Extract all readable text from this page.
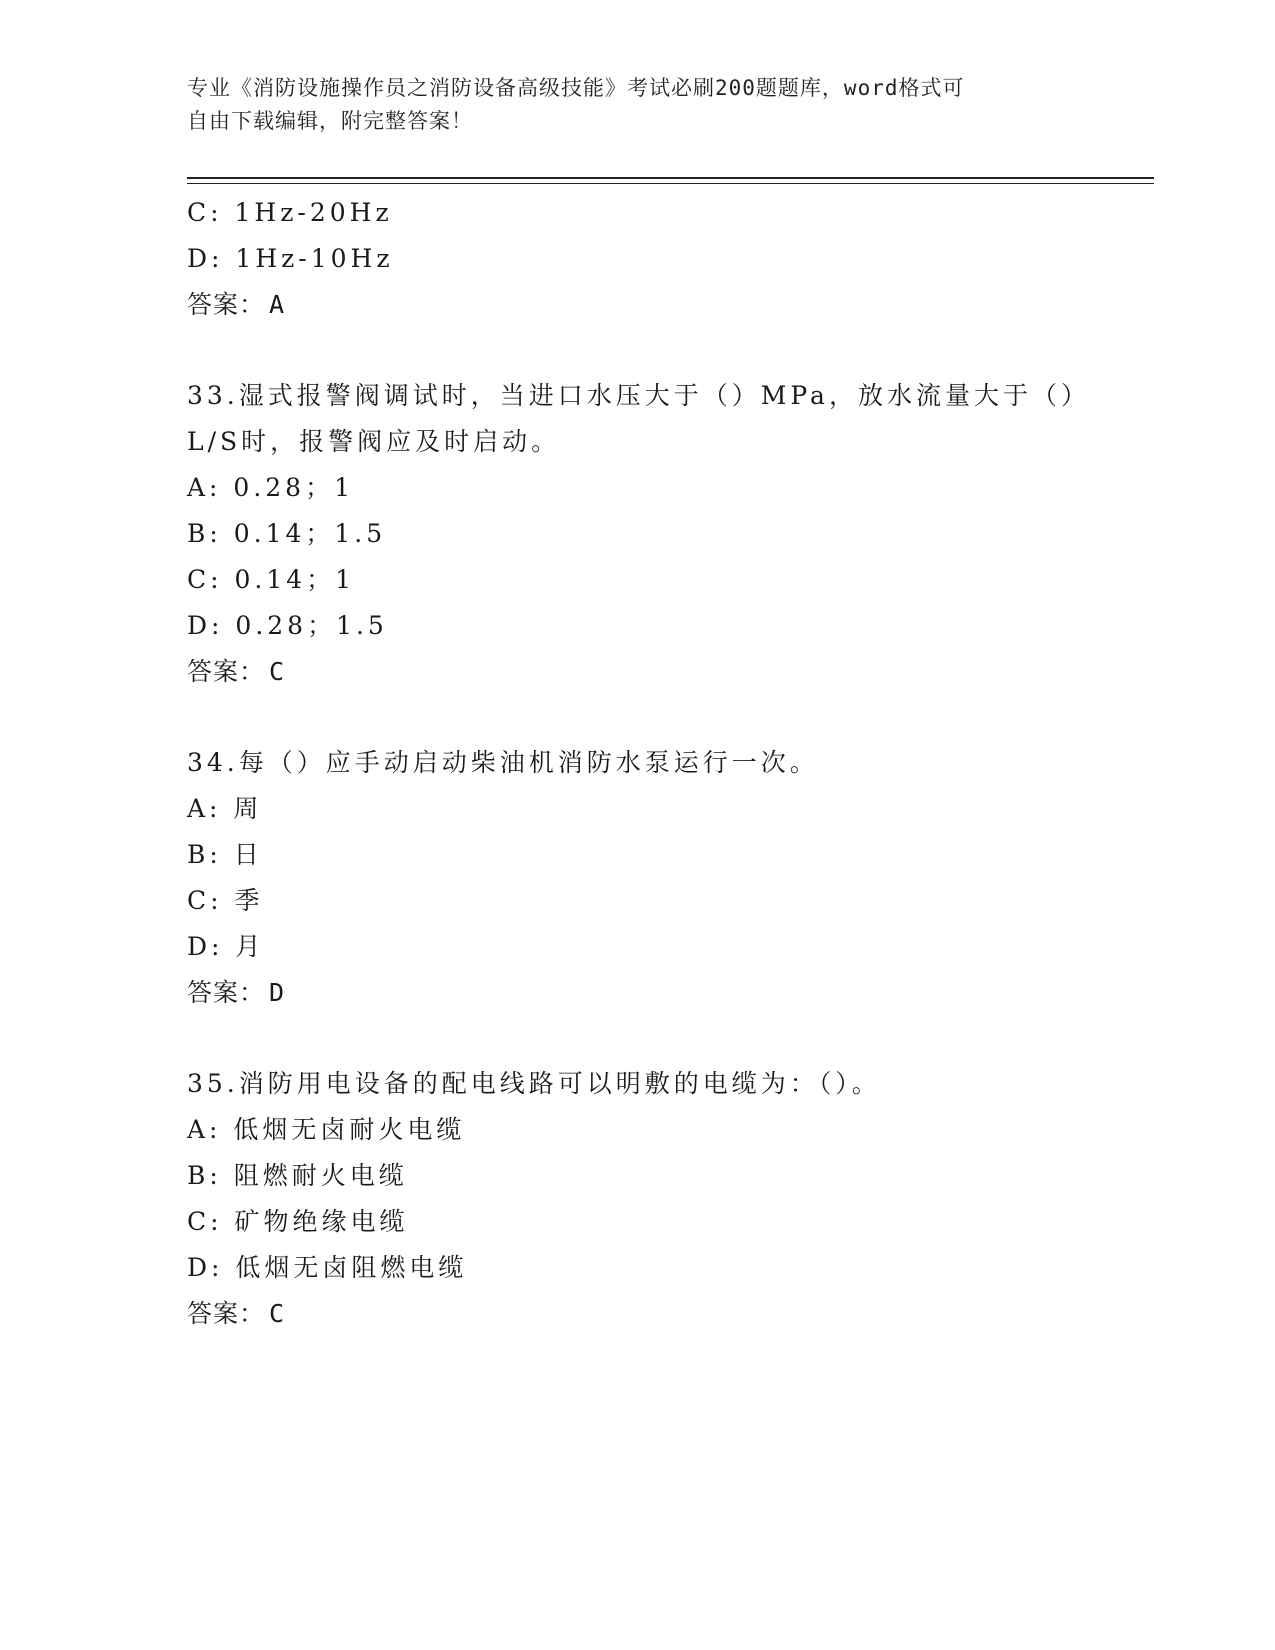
专业《消防设施操作员之消防设备高级技能》考试必刷200题题库，word格式可
自由下载编辑，附完整答案！
C: 1Hz-20Hz
D: 1Hz-10Hz
答案： A
33.湿式报警阀调试时，当进口水压大于（）MPa，放水流量大于（）
L/S时，报警阀应及时启动。
A: 0.28；1
B: 0.14；1.5
C: 0.14；1
D: 0.28；1.5
答案： C
34.每（）应手动启动柴油机消防水泵运行一次。
A: 周
B: 日
C: 季
D: 月
答案： D
35.消防用电设备的配电线路可以明敷的电缆为：（）。
A: 低烟无卤耐火电缆
B: 阻燃耐火电缆
C: 矿物绝缘电缆
D: 低烟无卤阻燃电缆
答案： C
